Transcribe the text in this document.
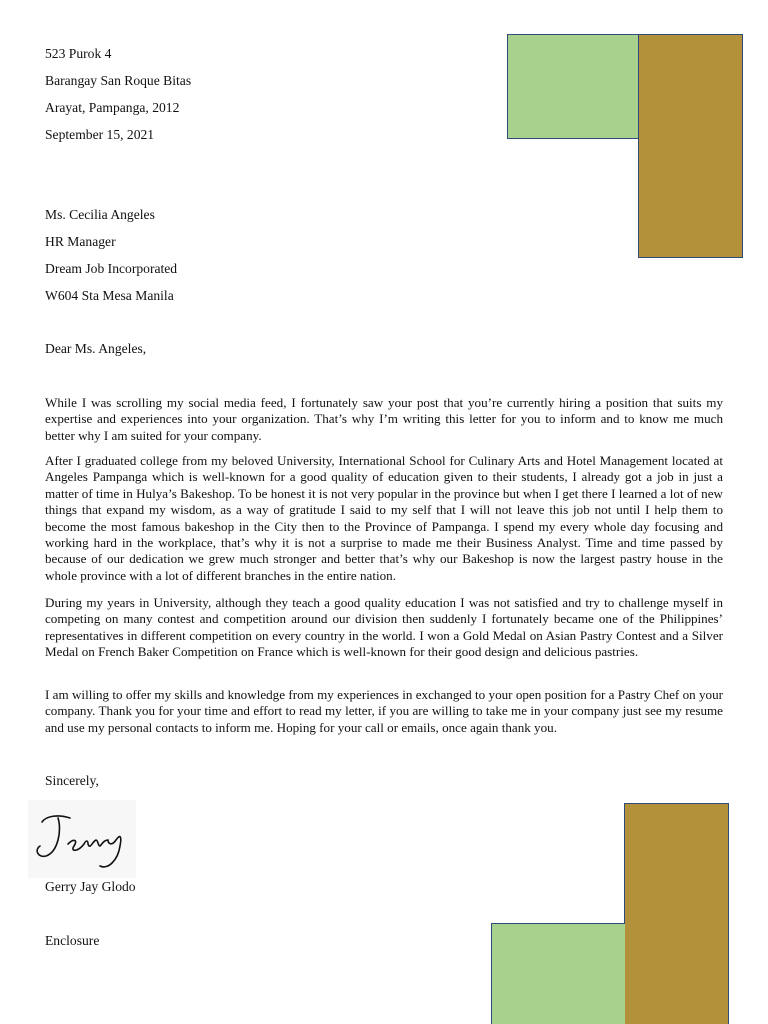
523 Purok 4
Barangay San Roque Bitas
Arayat, Pampanga, 2012
September 15, 2021
Ms. Cecilia Angeles
HR Manager
Dream Job Incorporated
W604 Sta Mesa Manila
Dear Ms. Angeles,
While I was scrolling my social media feed, I fortunately saw your post that you’re currently hiring a position that suits my expertise and experiences into your organization. That’s why I’m writing this letter for you to inform and to know me much better why I am suited for your company.
After I graduated college from my beloved University, International School for Culinary Arts and Hotel Management located at Angeles Pampanga which is well-known for a good quality of education given to their students, I already got a job in just a matter of time in Hulya’s Bakeshop. To be honest it is not very popular in the province but when I get there I learned a lot of new things that expand my wisdom, as a way of gratitude I said to my self that I will not leave this job not until I help them to become the most famous bakeshop in the City then to the Province of Pampanga. I spend my every whole day focusing and working hard in the workplace, that’s why it is not a surprise to made me their Business Analyst. Time and time passed by because of our dedication we grew much stronger and better that’s why our Bakeshop is now the largest pastry house in the whole province with a lot of different branches in the entire nation.
During my years in University, although they teach a good quality education I was not satisfied and try to challenge myself in competing on many contest and competition around our division then suddenly I fortunately became one of the Philippines’ representatives in different competition on every country in the world. I won a Gold Medal on Asian Pastry Contest and a Silver Medal on French Baker Competition on France which is well-known for their good design and delicious pastries.
I am willing to offer my skills and knowledge from my experiences in exchanged to your open position for a Pastry Chef on your company. Thank you for your time and effort to read my letter, if you are willing to take me in your company just see my resume and use my personal contacts to inform me. Hoping for your call or emails, once again thank you.
Sincerely,
Gerry Jay Glodo
Enclosure
